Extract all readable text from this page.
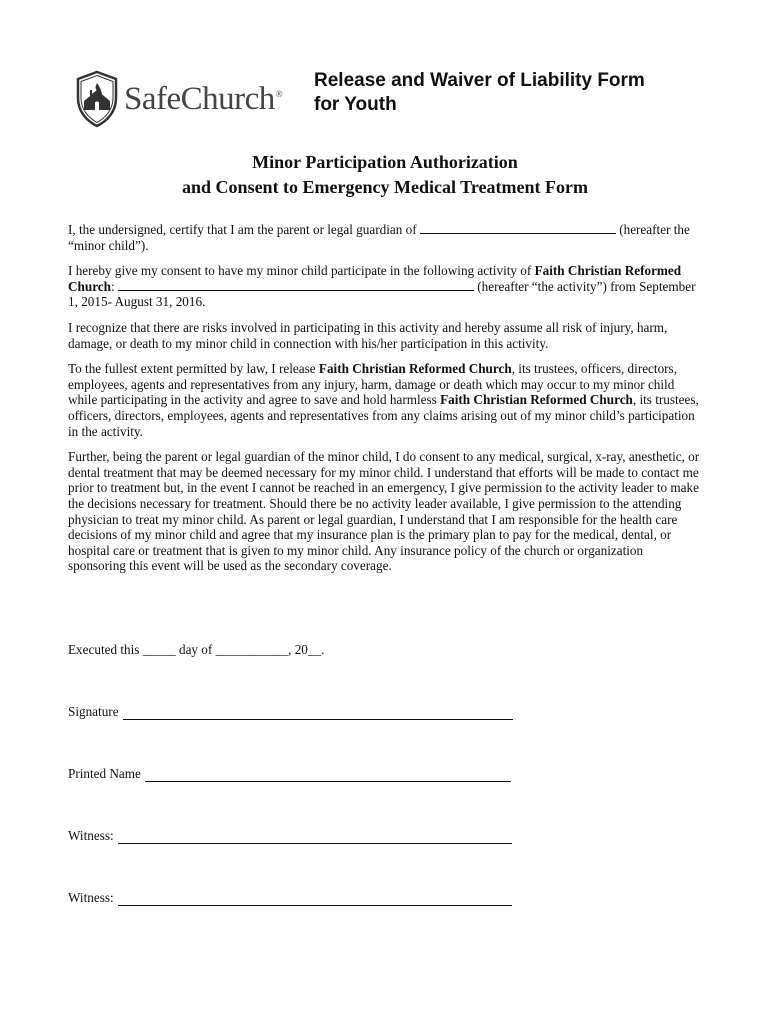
SafeChurch®
Release and Waiver of Liability Form
for Youth
Minor Participation Authorization
and Consent to Emergency Medical Treatment Form

I, the undersigned, certify that I am the parent or legal guardian of	(hereafter the “minor child”).

I hereby give my consent to have my minor child participate in the following activity of Faith Christian Reformed Church:	(hereafter “the activity”) from September 1, 2015- August 31, 2016.

I recognize that there are risks involved in participating in this activity and hereby assume all risk of injury, harm, damage, or death to my minor child in connection with his/her participation in this activity.

To the fullest extent permitted by law, I release Faith Christian Reformed Church, its trustees, officers, directors, employees, agents and representatives from any injury, harm, damage or death which may occur to my minor child while participating in the activity and agree to save and hold harmless Faith Christian Reformed Church, its trustees, officers, directors, employees, agents and representatives from any claims arising out of my minor child’s participation in the activity.

Further, being the parent or legal guardian of the minor child, I do consent to any medical, surgical, x-ray, anesthetic, or dental treatment that may be deemed necessary for my minor child. I understand that efforts will be made to contact me prior to treatment but, in the event I cannot be reached in an emergency, I give permission to the activity leader to make the decisions necessary for treatment. Should there be no activity leader available, I give permission to the attending physician to treat my minor child. As parent or legal guardian, I understand that I am responsible for the health care decisions of my minor child and agree that my insurance plan is the primary plan to pay for the medical, dental, or hospital care or treatment that is given to my minor child. Any insurance policy of the church or organization
sponsoring this event will be used as the secondary coverage.

Executed this _____ day of ___________, 20__.
Signature
Printed Name
Witness:
Witness:
